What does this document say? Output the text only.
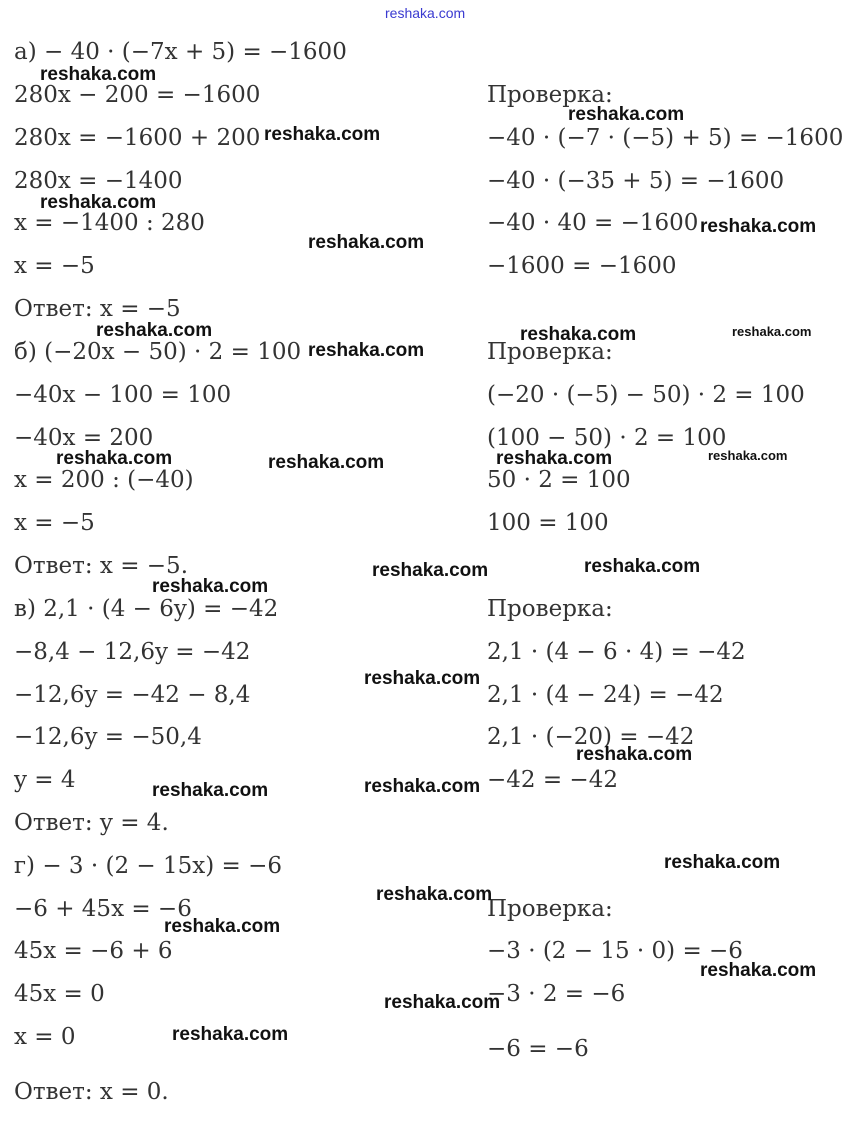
reshaka.com
а) − 40 · (−7x + 5) = −1600
280x − 200 = −1600
280x = −1600 + 200
280x = −1400
x = −1400 : 280
x = −5
Ответ: x = −5
б) (−20x − 50) · 2 = 100
−40x − 100 = 100
−40x = 200
x = 200 : (−40)
x = −5
Ответ: x = −5.
в) 2,1 · (4 − 6y) = −42
−8,4 − 12,6y = −42
−12,6y = −42 − 8,4
−12,6y = −50,4
y = 4
Ответ: y = 4.
г) − 3 · (2 − 15x) = −6
−6 + 45x = −6
45x = −6 + 6
45x = 0
x = 0
Ответ: x = 0.
Проверка:
−40 · (−7 · (−5) + 5) = −1600
−40 · (−35 + 5) = −1600
−40 · 40 = −1600
−1600 = −1600
Проверка:
(−20 · (−5) − 50) · 2 = 100
(100 − 50) · 2 = 100
50 · 2 = 100
100 = 100
Проверка:
2,1 · (4 − 6 · 4) = −42
2,1 · (4 − 24) = −42
2,1 · (−20) = −42
−42 = −42
Проверка:
−3 · (2 − 15 · 0) = −6
−3 · 2 = −6
−6 = −6
reshaka.com
reshaka.com
reshaka.com
reshaka.com
reshaka.com
reshaka.com
reshaka.com	reshaka.com	reshaka.com
reshaka.com
reshaka.com	reshaka.com	reshaka.com
reshaka.com
reshaka.com
reshaka.com
reshaka.com
reshaka.com
reshaka.com
reshaka.com
reshaka.com
reshaka.com
reshaka.com
reshaka.com
reshaka.com
reshaka.com
reshaka.com
